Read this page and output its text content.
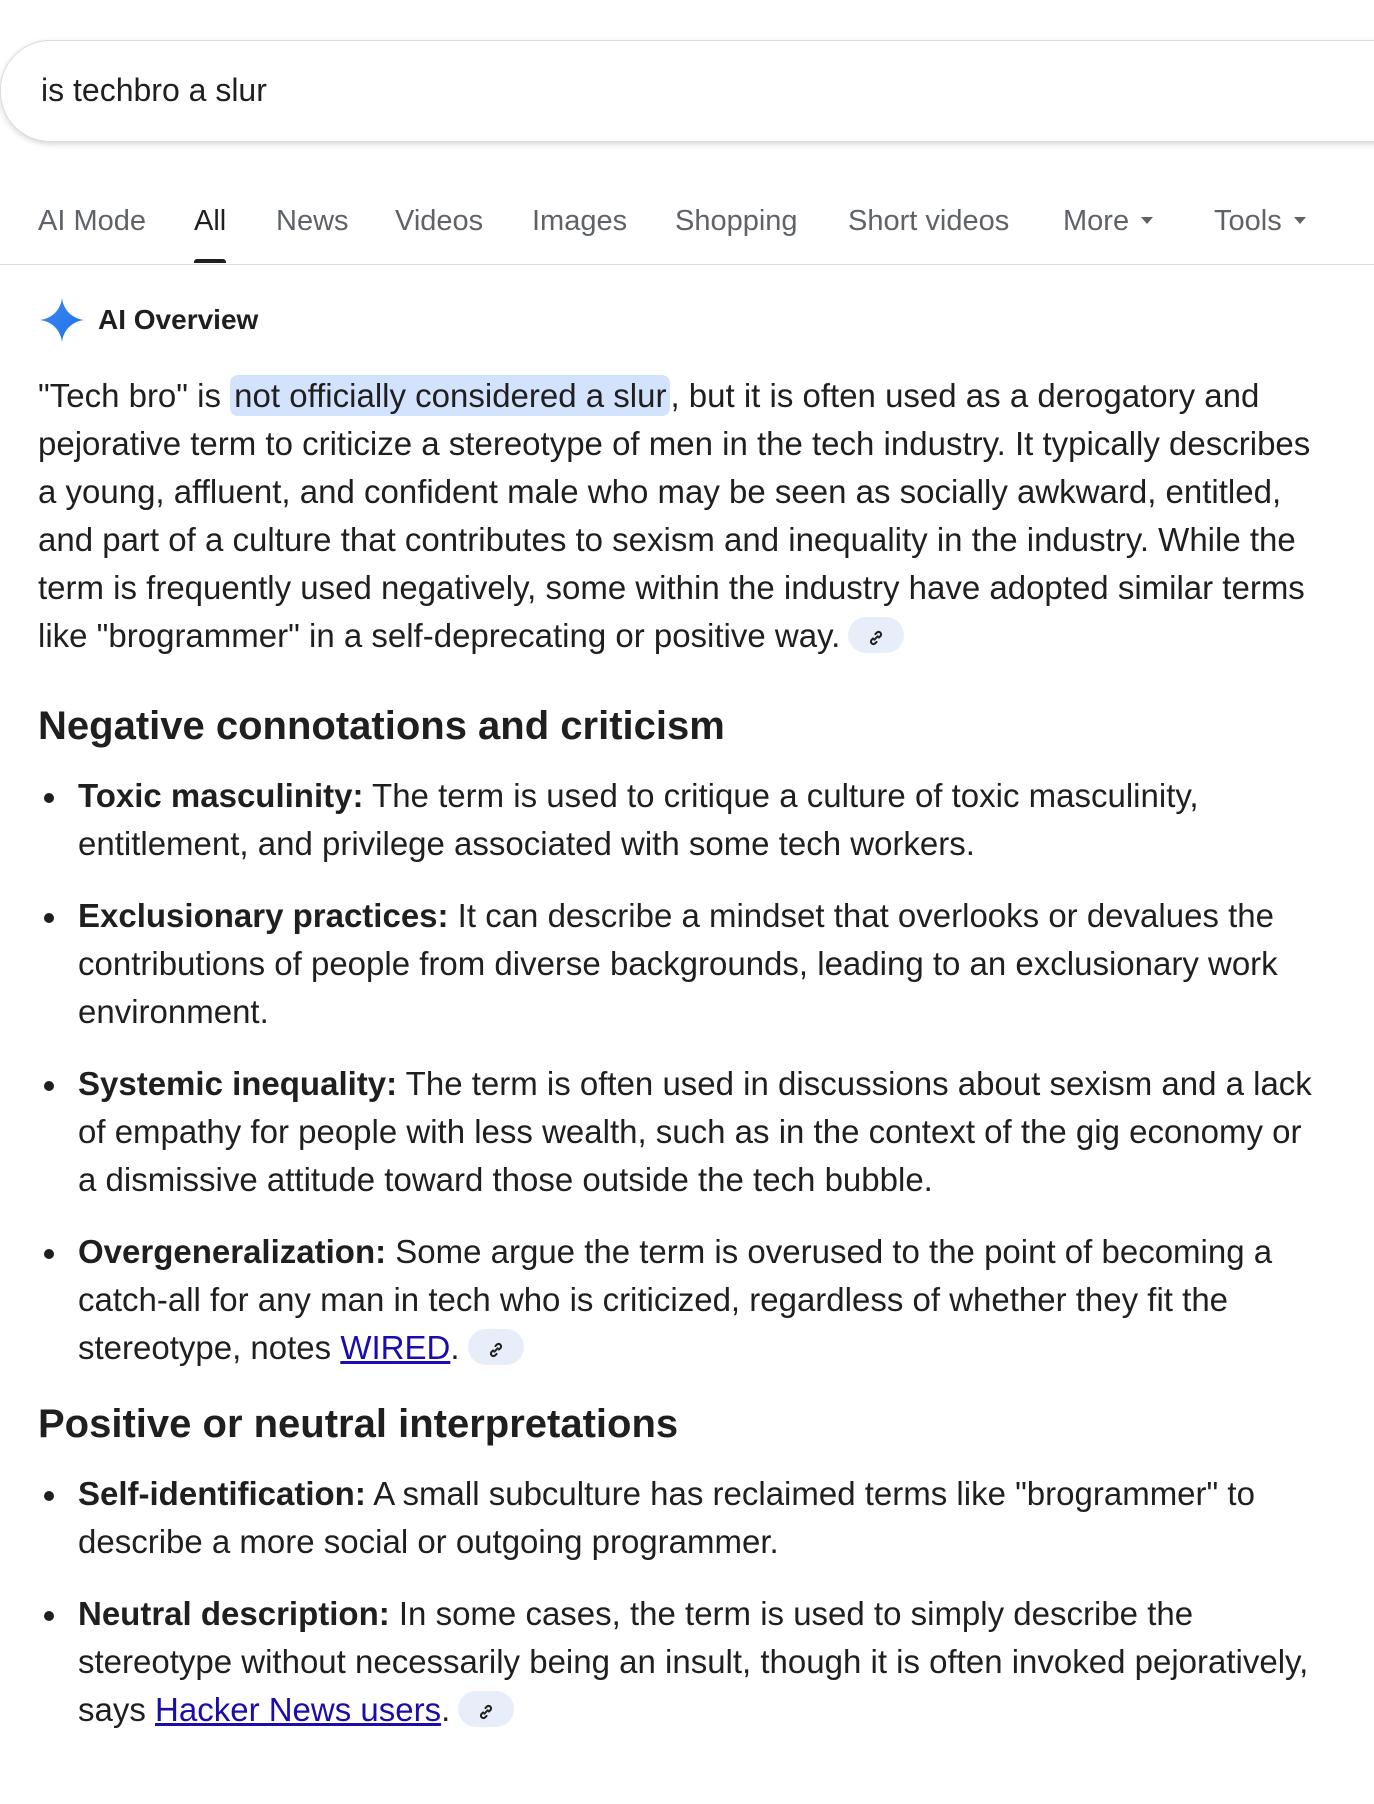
is techbro a slur
AI Mode All News Videos Images Shopping Short videos More	Tools
AI Overview

"Tech bro" is not officially considered a slur , but it is often used as a derogatory and pejorative term to criticize a stereotype of men in the tech industry. It typically describes a young, affluent, and confident male who may be seen as socially awkward, entitled, and part of a culture that contributes to sexism and inequality in the industry. While the term is frequently used negatively, some within the industry have adopted similar terms like "brogrammer" in a self-deprecating or positive way.

Negative connotations and criticism
Toxic masculinity: The term is used to critique a culture of toxic masculinity, entitlement, and privilege associated with some tech workers.
Exclusionary practices: It can describe a mindset that overlooks or devalues the contributions of people from diverse backgrounds, leading to an exclusionary work environment.
Systemic inequality: The term is often used in discussions about sexism and a lack of empathy for people with less wealth, such as in the context of the gig economy or a dismissive attitude toward those outside the tech bubble.
Overgeneralization: Some argue the term is overused to the point of becoming a catch-all for any man in tech who is criticized, regardless of whether they fit the stereotype, notes WIRED.
Positive or neutral interpretations
Self-identification: A small subculture has reclaimed terms like "brogrammer" to describe a more social or outgoing programmer.
Neutral description: In some cases, the term is used to simply describe the stereotype without necessarily being an insult, though it is often invoked pejoratively, says Hacker News users.
